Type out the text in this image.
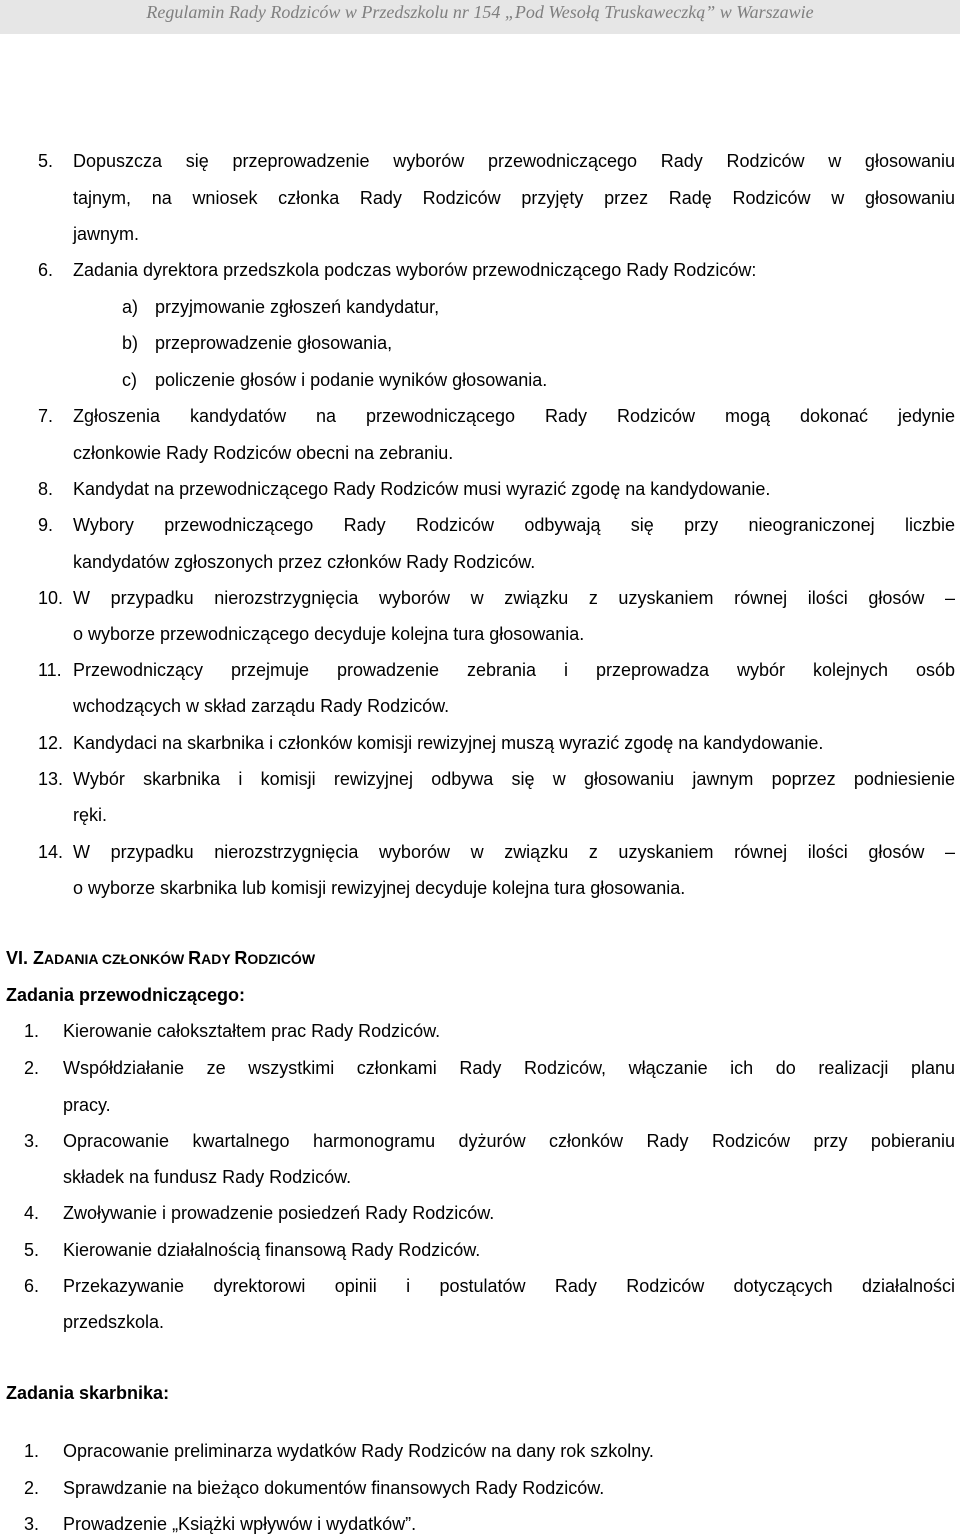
Regulamin Rady Rodziców w Przedszkolu nr 154 „Pod Wesołą Truskaweczką” w Warszawie
5. Dopuszcza się przeprowadzenie wyborów przewodniczącego Rady Rodziców w głosowaniu
tajnym, na wniosek członka Rady Rodziców przyjęty przez Radę Rodziców w głosowaniu
jawnym.
6. Zadania dyrektora przedszkola podczas wyborów przewodniczącego Rady Rodziców:
a) przyjmowanie zgłoszeń kandydatur,
b) przeprowadzenie głosowania,
c) policzenie głosów i podanie wyników głosowania.
7. Zgłoszenia kandydatów na przewodniczącego Rady Rodziców mogą dokonać jedynie
członkowie Rady Rodziców obecni na zebraniu.
8. Kandydat na przewodniczącego Rady Rodziców musi wyrazić zgodę na kandydowanie.
9. Wybory przewodniczącego Rady Rodziców odbywają się przy nieograniczonej liczbie
kandydatów zgłoszonych przez członków Rady Rodziców.
10. W przypadku nierozstrzygnięcia wyborów w związku z uzyskaniem równej ilości głosów –
o wyborze przewodniczącego decyduje kolejna tura głosowania.
11. Przewodniczący przejmuje prowadzenie zebrania i przeprowadza wybór kolejnych osób
wchodzących w skład zarządu Rady Rodziców.
12. Kandydaci na skarbnika i członków komisji rewizyjnej muszą wyrazić zgodę na kandydowanie.
13. Wybór skarbnika i komisji rewizyjnej odbywa się w głosowaniu jawnym poprzez podniesienie
ręki.
14. W przypadku nierozstrzygnięcia wyborów w związku z uzyskaniem równej ilości głosów –
o wyborze skarbnika lub komisji rewizyjnej decyduje kolejna tura głosowania.
VI. ZADANIA CZŁONKÓW RADY RODZICÓW
Zadania przewodniczącego:
1. Kierowanie całokształtem prac Rady Rodziców.
2. Współdziałanie ze wszystkimi członkami Rady Rodziców, włączanie ich do realizacji planu
pracy.
3. Opracowanie kwartalnego harmonogramu dyżurów członków Rady Rodziców przy pobieraniu
składek na fundusz Rady Rodziców.
4. Zwoływanie i prowadzenie posiedzeń Rady Rodziców.
5. Kierowanie działalnością finansową Rady Rodziców.
6. Przekazywanie dyrektorowi opinii i postulatów Rady Rodziców dotyczących działalności
przedszkola.
Zadania skarbnika:
1. Opracowanie preliminarza wydatków Rady Rodziców na dany rok szkolny.
2. Sprawdzanie na bieżąco dokumentów finansowych Rady Rodziców.
3. Prowadzenie „Książki wpływów i wydatków”.
